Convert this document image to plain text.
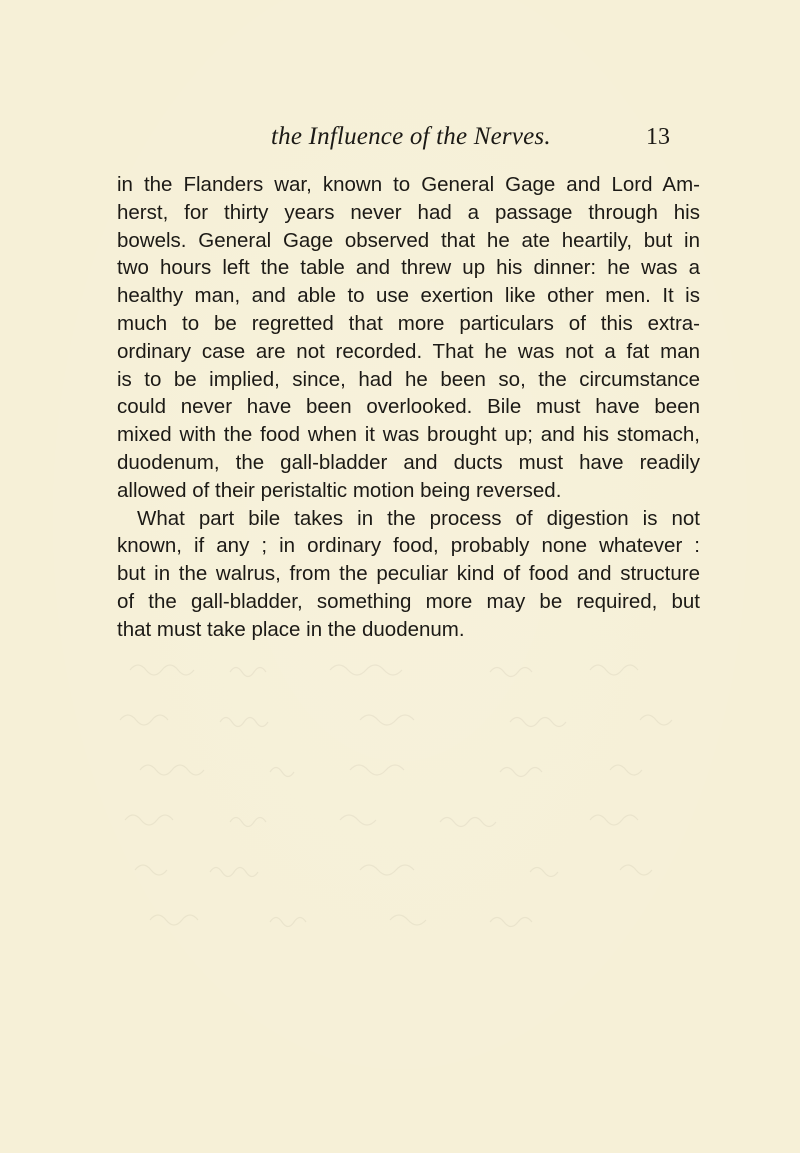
the Influence of the Nerves.	13
in the Flanders war, known to General Gage and Lord Am-
herst, for thirty years never had a passage through his
bowels. General Gage observed that he ate heartily, but in
two hours left the table and threw up his dinner: he was a
healthy man, and able to use exertion like other men. It is
much to be regretted that more particulars of this extra-
ordinary case are not recorded. That he was not a fat man
is to be implied, since, had he been so, the circumstance
could never have been overlooked. Bile must have been
mixed with the food when it was brought up; and his stomach,
duodenum, the gall-bladder and ducts must have readily
allowed of their peristaltic motion being reversed.
What part bile takes in the process of digestion is not
known, if any ; in ordinary food, probably none whatever :
but in the walrus, from the peculiar kind of food and structure
of the gall-bladder, something more may be required, but
that must take place in the duodenum.
